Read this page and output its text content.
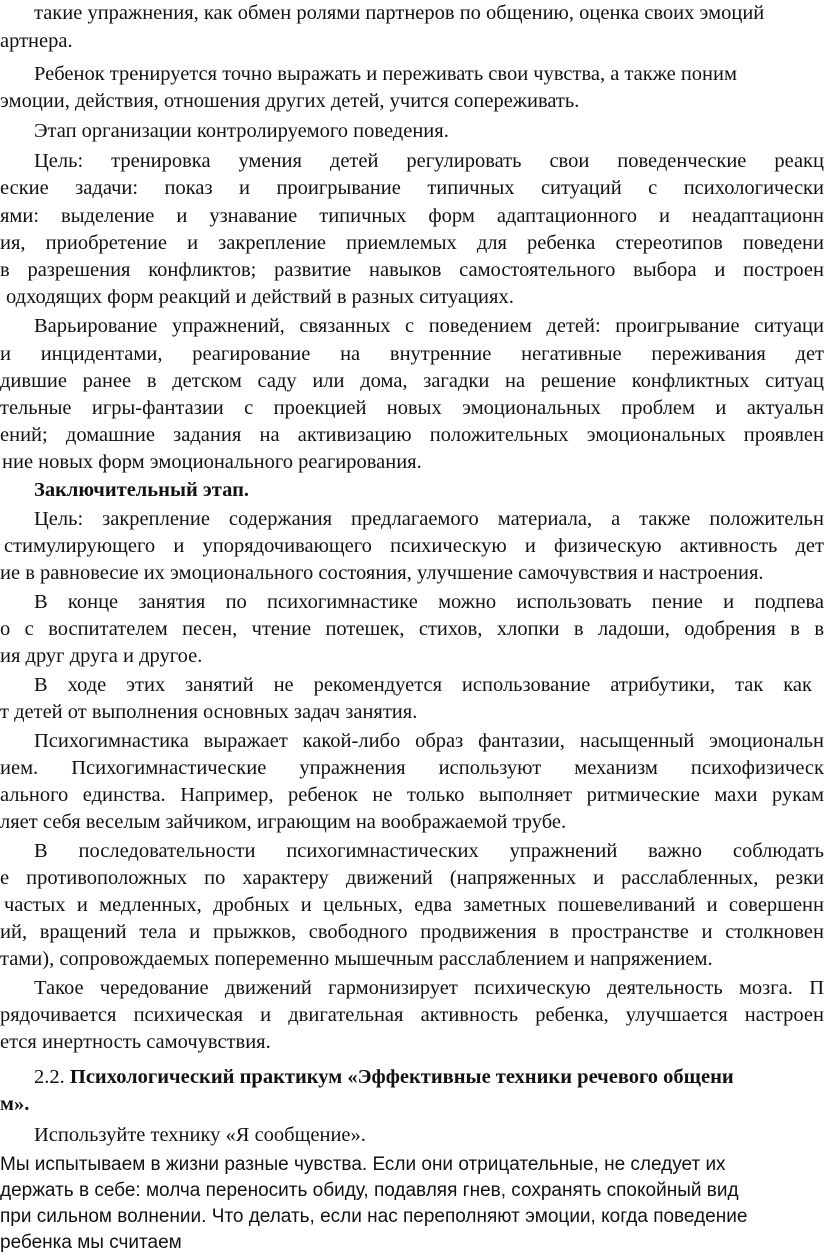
такие упражнения, как обмен ролями партнеров по общению, оценка своих эмоций
артнера.
Ребенок тренируется точно выражать и переживать свои чувства, а также поним
эмоции, действия, отношения других детей, учится сопереживать.
Этап организации контролируемого поведения.
Цель: тренировка умения детей регулировать свои поведенческие реакц
еские задачи: показ и проигрывание типичных ситуаций с психологически
ями: выделение и узнавание типичных форм адаптационного и неадаптационн
ия, приобретение и закрепление приемлемых для ребенка стереотипов поведени
в разрешения конфликтов; развитие навыков самостоятельного выбора и построен
одходящих форм реакций и действий в разных ситуациях.
Варьирование упражнений, связанных с поведением детей: проигрывание ситуаци
и инцидентами, реагирование на внутренние негативные переживания дет
дившие ранее в детском саду или дома, загадки на решение конфликтных ситуац
тельные игры-фантазии с проекцией новых эмоциональных проблем и актуальн
ений; домашние задания на активизацию положительных эмоциональных проявлен
ние новых форм эмоционального реагирования.
Заключительный этап.
Цель: закрепление содержания предлагаемого материала, а также положительн
стимулирующего и упорядочивающего психическую и физическую активность дет
ие в равновесие их эмоционального состояния, улучшение самочувствия и настроения.
В конце занятия по психогимнастике можно использовать пение и подпева
о с воспитателем песен, чтение потешек, стихов, хлопки в ладоши, одобрения в в
ия друг друга и другое.
В ходе этих занятий не рекомендуется использование атрибутики, так как
т детей от выполнения основных задач занятия.
Психогимнастика выражает какой-либо образ фантазии, насыщенный эмоциональн
ием. Психогимнастические упражнения используют механизм психофизическ
ального единства. Например, ребенок не только выполняет ритмические махи рукам
ляет себя веселым зайчиком, играющим на воображаемой трубе.
В последовательности психогимнастических упражнений важно соблюдать
е противоположных по характеру движений (напряженных и расслабленных, резки
частых и медленных, дробных и цельных, едва заметных пошевеливаний и совершенн
ий, вращений тела и прыжков, свободного продвижения в пространстве и столкновен
тами), сопровождаемых попеременно мышечным расслаблением и напряжением.
Такое чередование движений гармонизирует психическую деятельность мозга. П
рядочивается психическая и двигательная активность ребенка, улучшается настроен
ется инертность самочувствия.
2.2. Психологический практикум «Эффективные техники речевого общени
м».
Используйте технику «Я сообщение».
Мы испытываем в жизни разные чувства. Если они отрицательные, не следует их
держать в себе: молча переносить обиду, подавляя гнев, сохранять спокойный вид
при сильном волнении. Что делать, если нас переполняют эмоции, когда поведение
ребенка мы считаем
